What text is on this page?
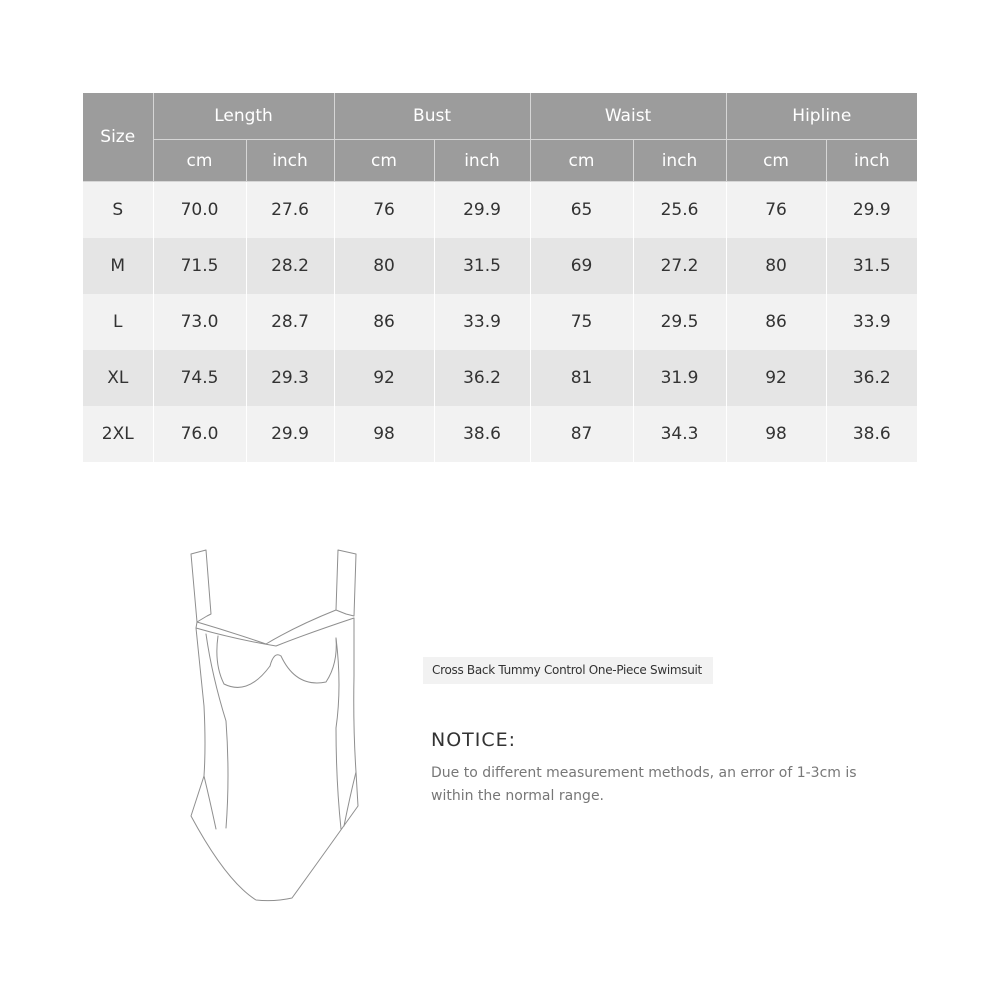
Size	Length		Bust		Waist		Hipline	
	cm	inch	cm	inch	cm	inch	cm	inch
S	70.0	27.6	76	29.9	65	25.6	76	29.9
M	71.5	28.2	80	31.5	69	27.2	80	31.5
L	73.0	28.7	86	33.9	75	29.5	86	33.9
XL	74.5	29.3	92	36.2	81	31.9	92	36.2
2XL	76.0	29.9	98	38.6	87	34.3	98	38.6
Cross Back Tummy Control One-Piece Swimsuit
NOTICE:
Due to different measurement methods, an error of 1-3cm is within the normal range.
